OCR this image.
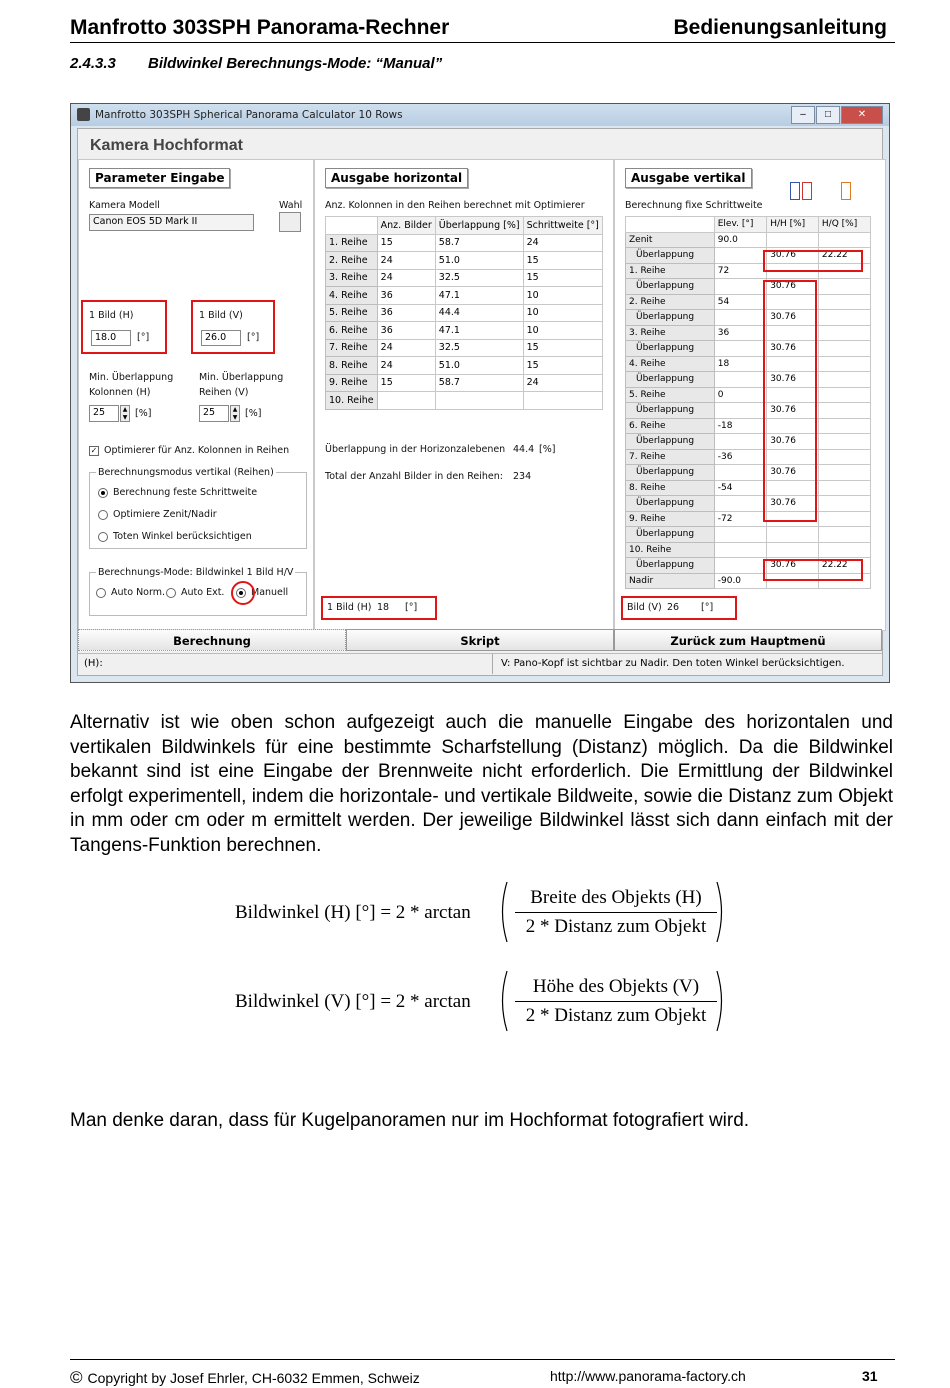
Manfrotto 303SPH Panorama-Rechner	Bedienungsanleitung
2.4.3.3 Bildwinkel Berechnungs-Mode: “Manual”
Manfrotto 303SPH Spherical Panorama Calculator 10 Rows	–	□	✕
Kamera Hochformat
Parameter Eingabe
Kamera Modell	Wahl
Canon EOS 5D Mark II
1 Bild (H)
18.0	[°]
1 Bild (V)
26.0	[°]
Min. Überlappung
Kolonnen (H)
25	▲
▼ [%]
Min. Überlappung
Reihen (V)
25	▲
▼ [%]
✓ Optimierer für Anz. Kolonnen in Reihen
Berechnungsmodus vertikal (Reihen)
Berechnung feste Schrittweite
Optimiere Zenit/Nadir
Toten Winkel berücksichtigen
Berechnungs-Mode: Bildwinkel 1 Bild H/V
Auto Norm.	Auto Ext.	Manuell
Ausgabe horizontal
Anz. Kolonnen in den Reihen berechnet mit Optimierer
	Anz. Bilder	Überlappung [%]	Schrittweite [°]
1. Reihe	15	58.7	24
2. Reihe	24	51.0	15
3. Reihe	24	32.5	15
4. Reihe	36	47.1	10
5. Reihe	36	44.4	10
6. Reihe	36	47.1	10
7. Reihe	24	32.5	15
8. Reihe	24	51.0	15
9. Reihe	15	58.7	24
10. Reihe			
Überlappung in der Horizonzalebenen 44.4 [%]
Total der Anzahl Bilder in den Reihen: 234
1 Bild (H) 18 [°]
Ausgabe vertikal
Berechnung fixe Schrittweite
	Elev. [°]	H/H [%]	H/Q [%]
Zenit	90.0		
Überlappung		30.76	22.22
1. Reihe	72		
Überlappung		30.76	
2. Reihe	54		
Überlappung		30.76	
3. Reihe	36		
Überlappung		30.76	
4. Reihe	18		
Überlappung		30.76	
5. Reihe	0		
Überlappung		30.76	
6. Reihe	-18		
Überlappung		30.76	
7. Reihe	-36		
Überlappung		30.76	
8. Reihe	-54		
Überlappung		30.76	
9. Reihe	-72		
Überlappung			
10. Reihe			
Überlappung		30.76	22.22
Nadir	-90.0		
Bild (V) 26 [°]
Berechnung	Skript	Zurück zum Hauptmenü
(H):	V: Pano-Kopf ist sichtbar zu Nadir. Den toten Winkel berücksichtigen.
Alternativ ist wie oben schon aufgezeigt auch die manuelle Eingabe des horizontalen und vertikalen Bildwinkels für eine bestimmte Scharfstellung (Distanz) möglich. Da die Bildwinkel bekannt sind ist eine Eingabe der Brennweite nicht erforderlich. Die Ermittlung der Bildwinkel erfolgt experimentell, indem die horizontale- und vertikale Bildweite, sowie die Distanz zum Objekt in mm oder cm oder m ermittelt werden. Der jeweilige Bildwinkel lässt sich dann einfach mit der Tangens-Funktion berechnen.
Bildwinkel (H) [°] = 2 * arctan
Breite des Objekts (H)
2 * Distanz zum Objekt
Bildwinkel (V) [°] = 2 * arctan
Höhe des Objekts (V)
2 * Distanz zum Objekt
Man denke daran, dass für Kugelpanoramen nur im Hochformat fotografiert wird.
© Copyright by Josef Ehrler, CH-6032 Emmen, Schweiz	http://www.panorama-factory.ch	31
